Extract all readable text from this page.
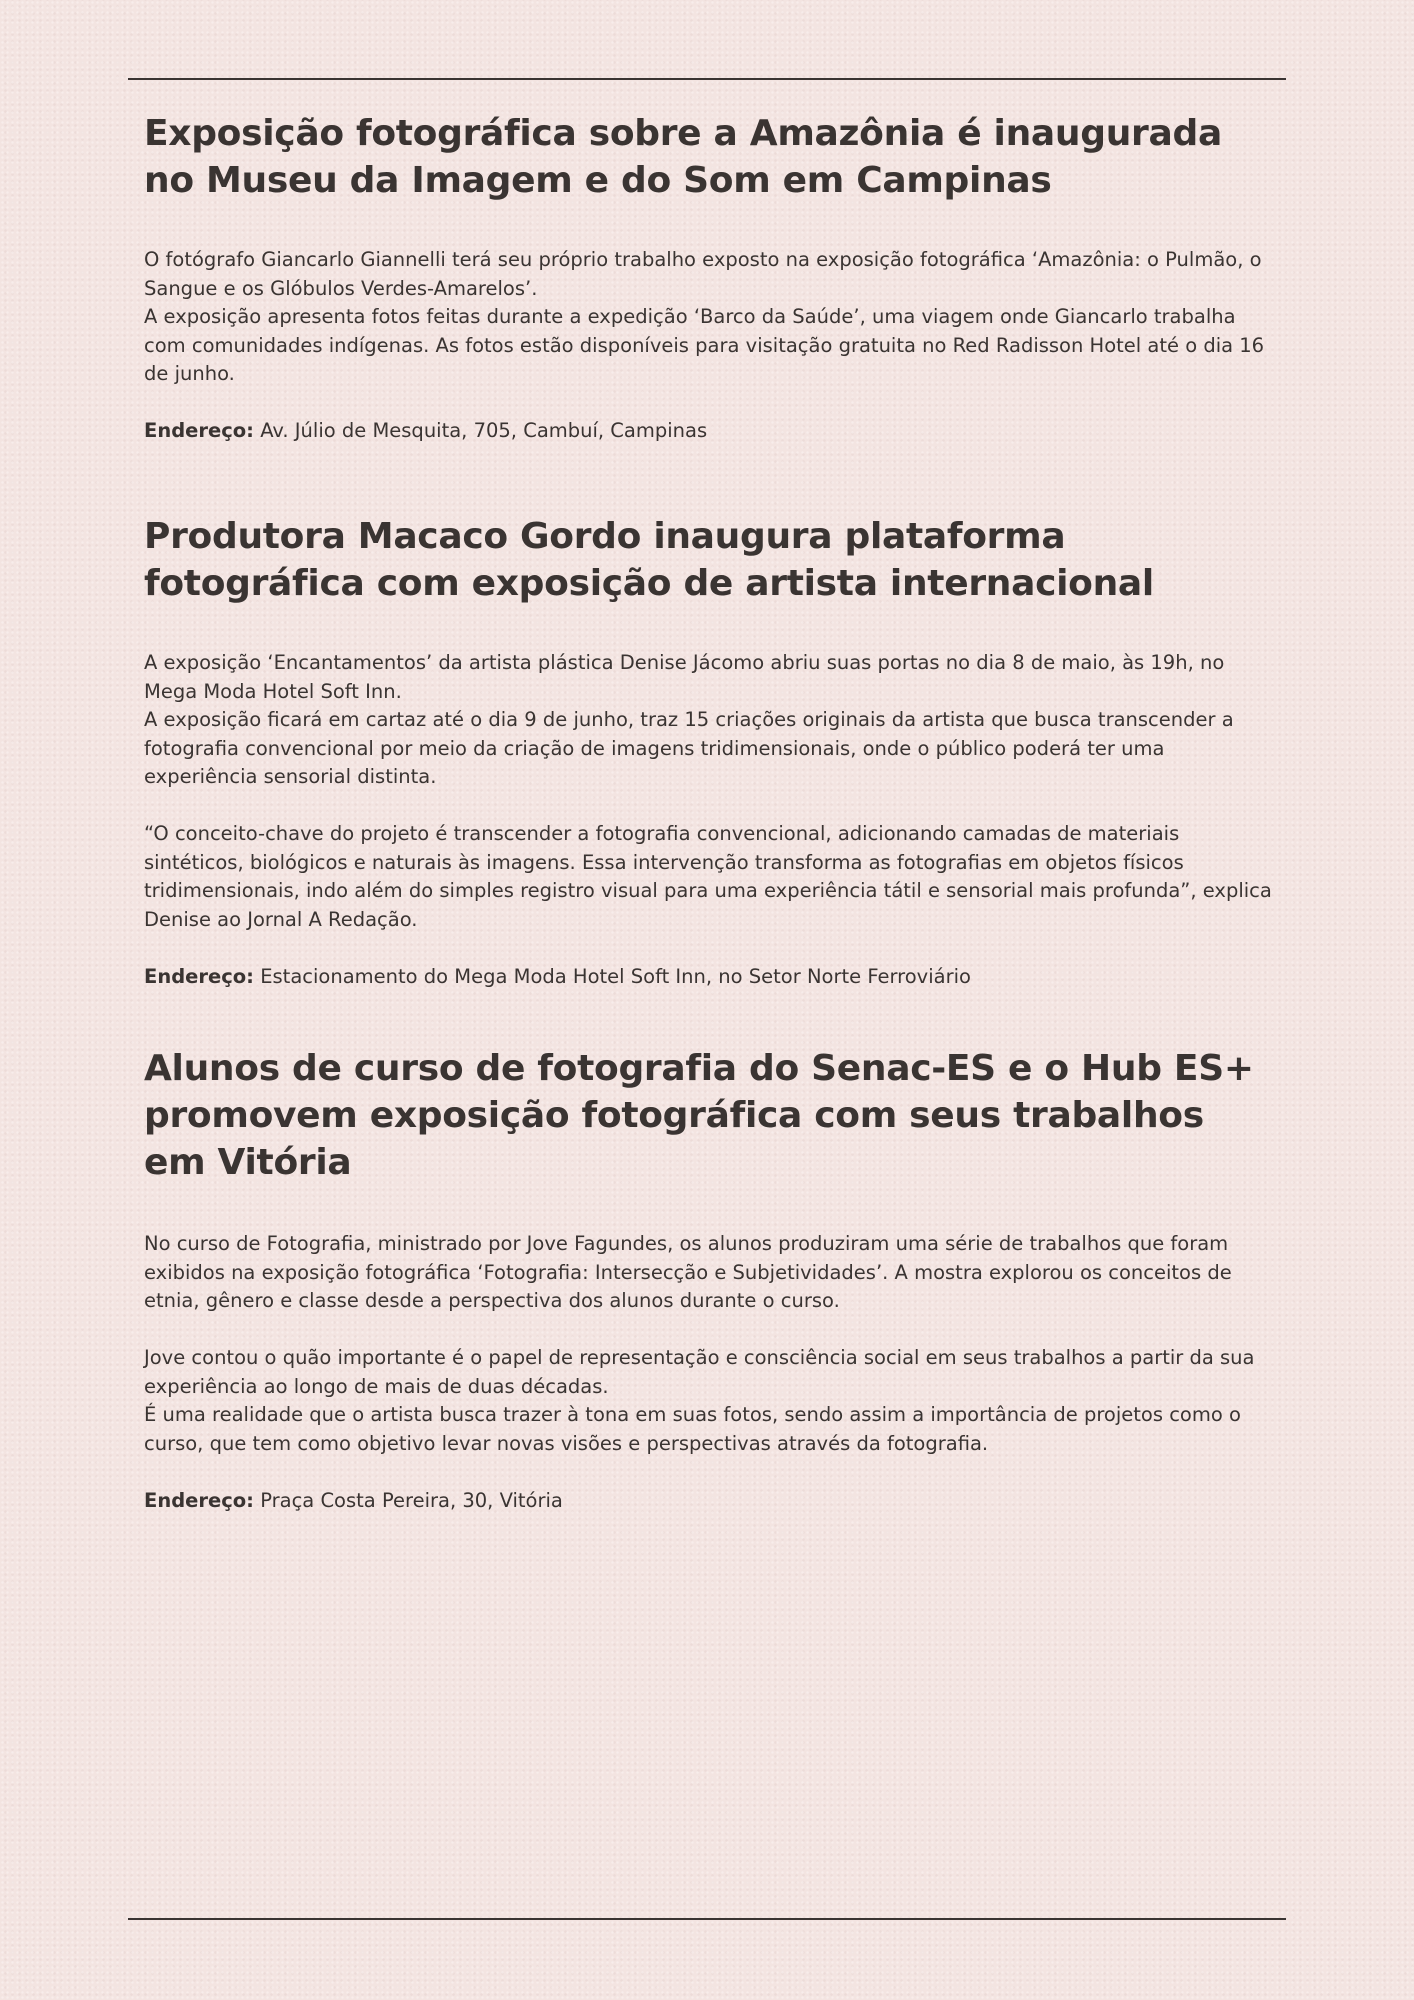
Exposição fotográfica sobre a Amazônia é inaugurada no Museu da Imagem e do Som em Campinas

O fotógrafo Giancarlo Giannelli terá seu próprio trabalho exposto na exposição fotográfica ‘Amazônia: o Pulmão, o Sangue e os Glóbulos Verdes-Amarelos’.

A exposição apresenta fotos feitas durante a expedição ‘Barco da Saúde’, uma viagem onde Giancarlo trabalha com comunidades indígenas. As fotos estão disponíveis para visitação gratuita no Red Radisson Hotel até o dia 16 de junho.

Endereço: Av. Júlio de Mesquita, 705, Cambuí, Campinas

Produtora Macaco Gordo inaugura plataforma fotográfica com exposição de artista internacional

A exposição ‘Encantamentos’ da artista plástica Denise Jácomo abriu suas portas no dia 8 de maio, às 19h, no Mega Moda Hotel Soft Inn.

A exposição ficará em cartaz até o dia 9 de junho, traz 15 criações originais da artista que busca transcender a fotografia convencional por meio da criação de imagens tridimensionais, onde o público poderá ter uma experiência sensorial distinta.

“O conceito-chave do projeto é transcender a fotografia convencional, adicionando camadas de materiais sintéticos, biológicos e naturais às imagens. Essa intervenção transforma as fotografias em objetos físicos tridimensionais, indo além do simples registro visual para uma experiência tátil e sensorial mais profunda”, explica Denise ao Jornal A Redação.

Endereço: Estacionamento do Mega Moda Hotel Soft Inn, no Setor Norte Ferroviário

Alunos de curso de fotografia do Senac-ES e o Hub ES+ promovem exposição fotográfica com seus trabalhos em Vitória

No curso de Fotografia, ministrado por Jove Fagundes, os alunos produziram uma série de trabalhos que foram exibidos na exposição fotográfica ‘Fotografia: Intersecção e Subjetividades’. A mostra explorou os conceitos de etnia, gênero e classe desde a perspectiva dos alunos durante o curso.

Jove contou o quão importante é o papel de representação e consciência social em seus trabalhos a partir da sua experiência ao longo de mais de duas décadas.

É uma realidade que o artista busca trazer à tona em suas fotos, sendo assim a importância de projetos como o curso, que tem como objetivo levar novas visões e perspectivas através da fotografia.

Endereço: Praça Costa Pereira, 30, Vitória
